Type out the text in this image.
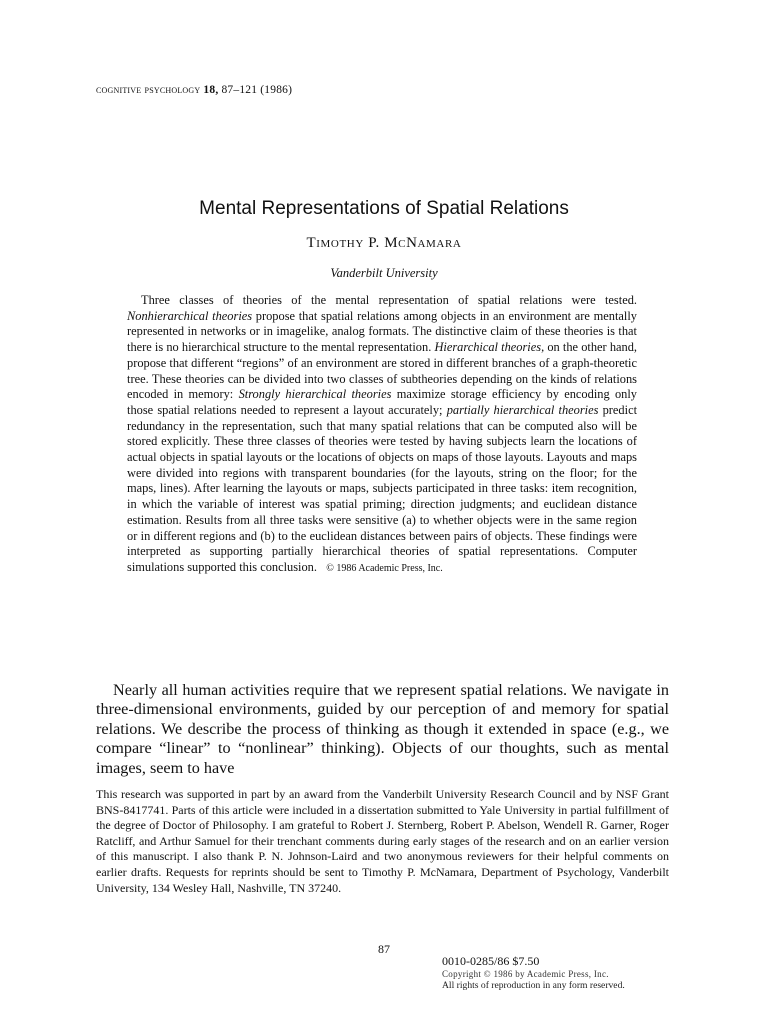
cognitive psychology 18, 87–121 (1986)
Mental Representations of Spatial Relations
Timothy P. McNamara
Vanderbilt University

Three classes of theories of the mental representation of spatial relations were tested. Nonhierarchical theories propose that spatial relations among objects in an environment are mentally represented in networks or in imagelike, analog formats. The distinctive claim of these theories is that there is no hierarchical structure to the mental representation. Hierarchical theories, on the other hand, propose that different “regions” of an environment are stored in different branches of a graph-theoretic tree. These theories can be divided into two classes of subtheories depending on the kinds of relations encoded in memory: Strongly hierarchical theories maximize storage efficiency by encoding only those spatial relations needed to represent a layout accurately; partially hierarchical theories predict redundancy in the representation, such that many spatial relations that can be computed also will be stored explicitly. These three classes of theories were tested by having subjects learn the locations of actual objects in spatial layouts or the locations of objects on maps of those layouts. Layouts and maps were divided into regions with transparent boundaries (for the layouts, string on the floor; for the maps, lines). After learning the layouts or maps, subjects participated in three tasks: item recognition, in which the variable of interest was spatial priming; direction judgments; and euclidean distance estimation. Results from all three tasks were sensitive (a) to whether objects were in the same region or in different regions and (b) to the euclidean distances between pairs of objects. These findings were interpreted as supporting partially hierarchical theories of spatial representations. Computer simulations supported this conclusion. © 1986 Academic Press, Inc.

Nearly all human activities require that we represent spatial relations. We navigate in three-dimensional environments, guided by our perception of and memory for spatial relations. We describe the process of thinking as though it extended in space (e.g., we compare “linear” to “nonlinear” thinking). Objects of our thoughts, such as mental images, seem to have

This research was supported in part by an award from the Vanderbilt University Research Council and by NSF Grant BNS-8417741. Parts of this article were included in a dissertation submitted to Yale University in partial fulfillment of the degree of Doctor of Philosophy. I am grateful to Robert J. Sternberg, Robert P. Abelson, Wendell R. Garner, Roger Ratcliff, and Arthur Samuel for their trenchant comments during early stages of the research and on an earlier version of this manuscript. I also thank P. N. Johnson-Laird and two anonymous reviewers for their helpful comments on earlier drafts. Requests for reprints should be sent to Timothy P. McNamara, Department of Psychology, Vanderbilt University, 134 Wesley Hall, Nashville, TN 37240.

87
0010-0285/86 $7.50
Copyright © 1986 by Academic Press, Inc.
All rights of reproduction in any form reserved.
